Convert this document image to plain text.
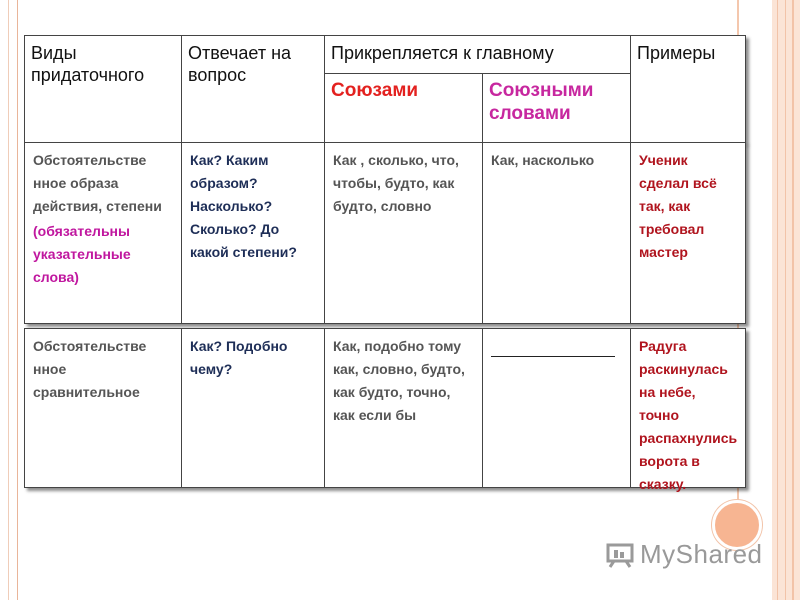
Виды придаточного
Отвечает на вопрос
Прикрепляется к главному
Союзами	Союзными словами
Примеры
Обстоятельстве нное образа действия, степени
(обязательны указательные слова)
Как? Каким образом? Насколько? Сколько? До какой степени?
Как , сколько, что, чтобы, будто, как будто, словно
Как, насколько	Ученик сделал всё так, как требовал мастер
Обстоятельстве нное сравнительное
Как? Подобно чему?
Как, подобно тому как, словно, будто, как будто, точно, как если бы
Радуга раскинулась на небе, точно распахнулись ворота в сказку.
MyShared
